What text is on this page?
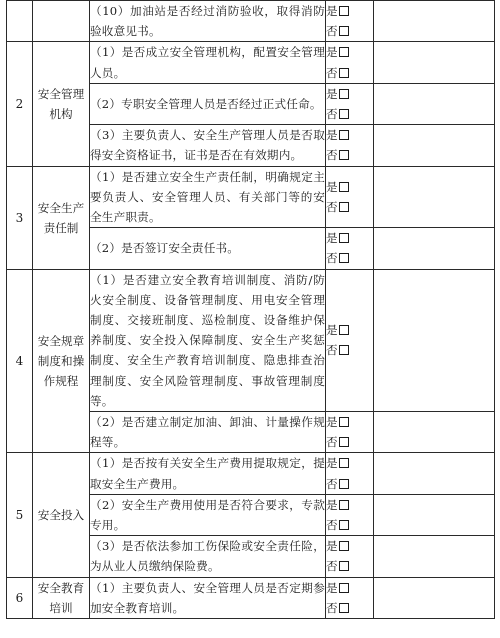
		（10）加油站是否经过消防验收，取得消防验收意见书。	是
否	

2	安全管理机构	（1）是否成立安全管理机构，配置安全管理人员。	是
否	

		（2）专职安全管理人员是否经过正式任命。	是
否	

		（3）主要负责人、安全生产管理人员是否取得安全资格证书，证书是否在有效期内。	是
否	

3	安全生产责任制	（1）是否建立安全生产责任制，明确规定主要负责人、安全管理人员、有关部门等的安全生产职责。	是
否	

		（2）是否签订安全责任书。	是
否	

4	安全规章制度和操作规程	（1）是否建立安全教育培训制度、消防/防火安全制度、设备管理制度、用电安全管理制度、交接班制度、巡检制度、设备维护保养制度、安全投入保障制度、安全生产奖惩制度、安全生产教育培训制度、隐患排查治理制度、安全风险管理制度、事故管理制度等。	是
否	

		（2）是否建立制定加油、卸油、计量操作规程等。	是
否	

5	安全投入	（1）是否按有关安全生产费用提取规定，提取安全生产费用。	是
否	

		（2）安全生产费用使用是否符合要求，专款专用。	是
否	

		（3）是否依法参加工伤保险或安全责任险，为从业人员缴纳保险费。	是
否	

6	安全教育培训	（1）主要负责人、安全管理人员是否定期参加安全教育培训。	是
否	
